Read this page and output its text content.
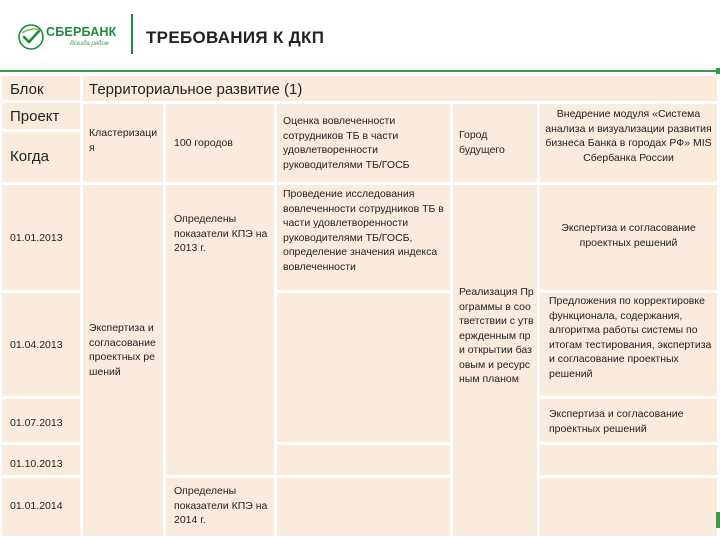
СБЕРБАНК
Всегда рядом ТРЕБОВАНИЯ К ДКП
Блок
Проект
Когда
Территориальное развитие (1)
01.01.2013
01.04.2013
01.07.2013
01.10.2013
01.01.2014
Кластеризация
Экспертиза и согласование проектных решений
100 городов
Определены показатели КПЭ на 2013 г.
Определены показатели КПЭ на 2014 г.
Оценка вовлеченности сотрудников ТБ в части удовлетворенности руководителями ТБ/ГОСБ
Проведение исследования вовлеченности сотрудников ТБ в части удовлетворенности руководителями ТБ/ГОСБ, определение значения индекса вовлеченности
Город будущего
Реализация Программы в соответствии с утвержденным при открытии базовым и ресурсным планом
Внедрение модуля «Система анализа и визуализации развития бизнеса Банка в городах РФ» MIS Сбербанка России
Экспертиза и согласование проектных решений
Предложения по корректировке функционала, содержания, алгоритма работы системы по итогам тестирования, экспертиза и согласование проектных решений
Экспертиза и согласование проектных решений
